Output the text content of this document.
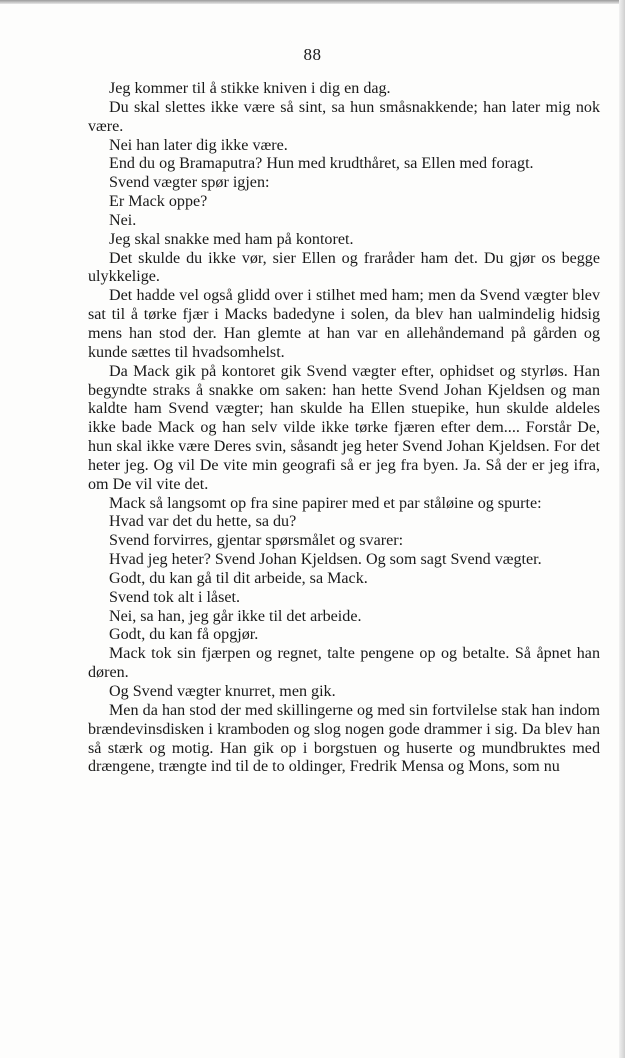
88

Jeg kommer til å stikke kniven i dig en dag.

Du skal slettes ikke være så sint, sa hun småsnakkende; han later mig nok være.

Nei han later dig ikke være.

End du og Bramaputra? Hun med krudthåret, sa Ellen med foragt.

Svend vægter spør igjen:

Er Mack oppe?

Nei.

Jeg skal snakke med ham på kontoret.

Det skulde du ikke vør, sier Ellen og fraråder ham det. Du gjør os begge ulykkelige.

Det hadde vel også glidd over i stilhet med ham; men da Svend vægter blev sat til å tørke fjær i Macks badedyne i solen, da blev han ualmindelig hidsig mens han stod der. Han glemte at han var en allehåndemand på gården og kunde sættes til hvadsomhelst.

Da Mack gik på kontoret gik Svend vægter efter, ophidset og styrløs. Han begyndte straks å snakke om saken: han hette Svend Johan Kjeldsen og man kaldte ham Svend vægter; han skulde ha Ellen stuepike, hun skulde aldeles ikke bade Mack og han selv vilde ikke tørke fjæren efter dem.... Forstår De, hun skal ikke være Deres svin, såsandt jeg heter Svend Johan Kjeldsen. For det heter jeg. Og vil De vite min geografi så er jeg fra byen. Ja. Så der er jeg ifra, om De vil vite det.

Mack så langsomt op fra sine papirer med et par ståløine og spurte:

Hvad var det du hette, sa du?

Svend forvirres, gjentar spørsmålet og svarer:

Hvad jeg heter? Svend Johan Kjeldsen. Og som sagt Svend vægter.

Godt, du kan gå til dit arbeide, sa Mack.

Svend tok alt i låset.

Nei, sa han, jeg går ikke til det arbeide.

Godt, du kan få opgjør.

Mack tok sin fjærpen og regnet, talte pengene op og betalte. Så åpnet han døren.

Og Svend vægter knurret, men gik.

Men da han stod der med skillingerne og med sin fortvilelse stak han indom brændevinsdisken i kramboden og slog nogen gode drammer i sig. Da blev han så stærk og motig. Han gik op i borgstuen og huserte og mundbruktes med drængene, trængte ind til de to oldinger, Fredrik Mensa og Mons, som nu
